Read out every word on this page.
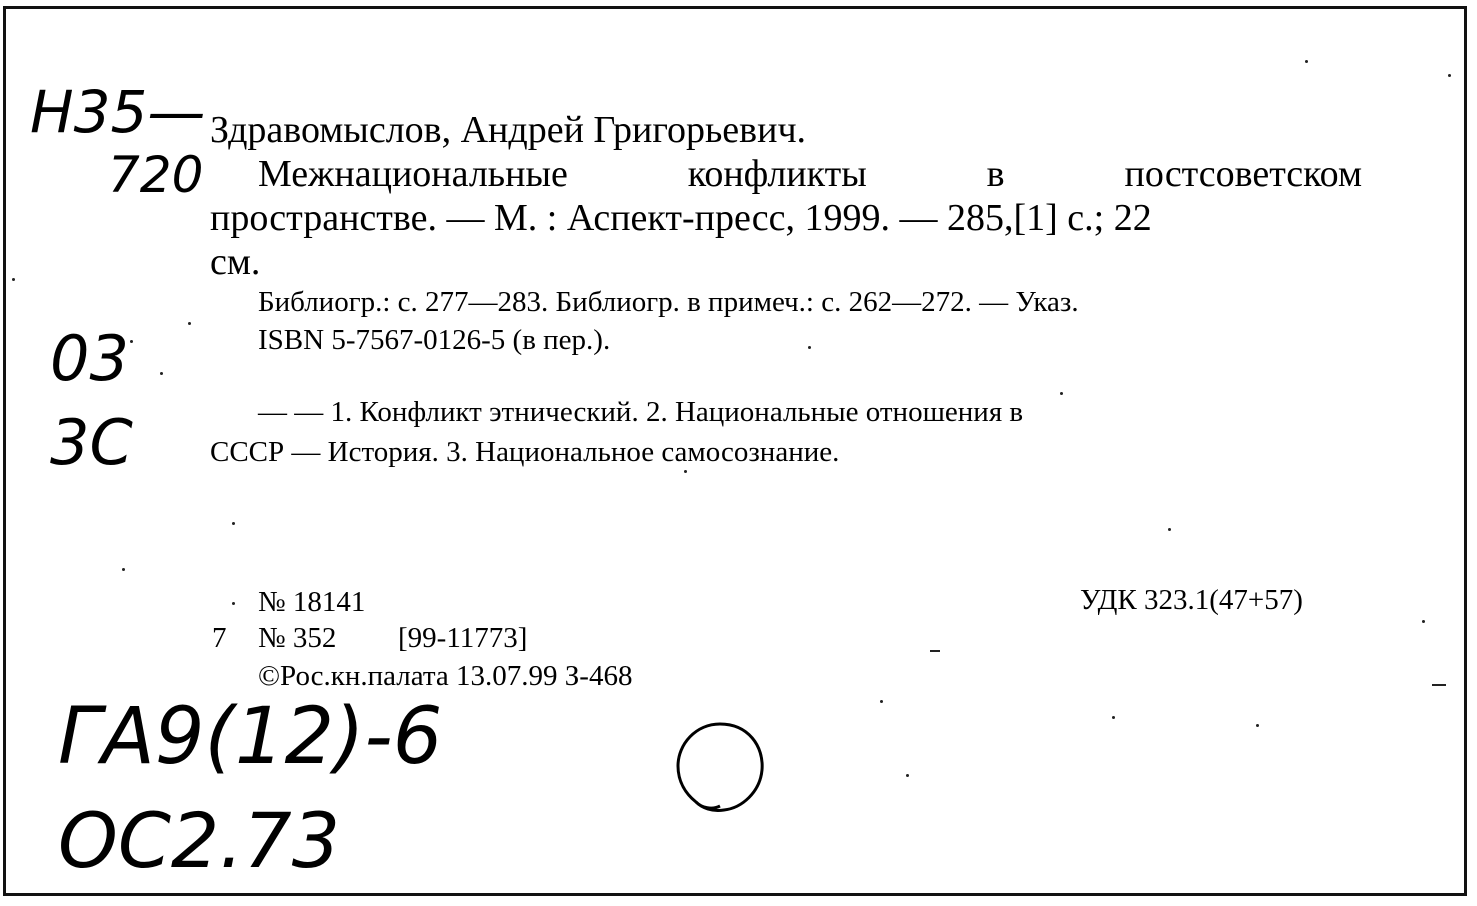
Н35—
720
03
3С
ГА9(12)-6
ОС2.73
Здравомыслов, Андрей Григорьевич.
Межнациональные	конфликты	в	постсоветском
пространстве. — М. : Аспект-пресс, 1999. — 285,[1] с.; 22
см.
Библиогр.: с. 277—283. Библиогр. в примеч.: с. 262—272. — Указ.
ISBN 5-7567-0126-5 (в пер.).
— — 1. Конфликт этнический. 2. Национальные отношения в
СССР — История. 3. Национальное самосознание.
№ 18141	УДК 323.1(47+57)
7 № 352 [99-11773]
©Рос.кн.палата 13.07.99 З-468
